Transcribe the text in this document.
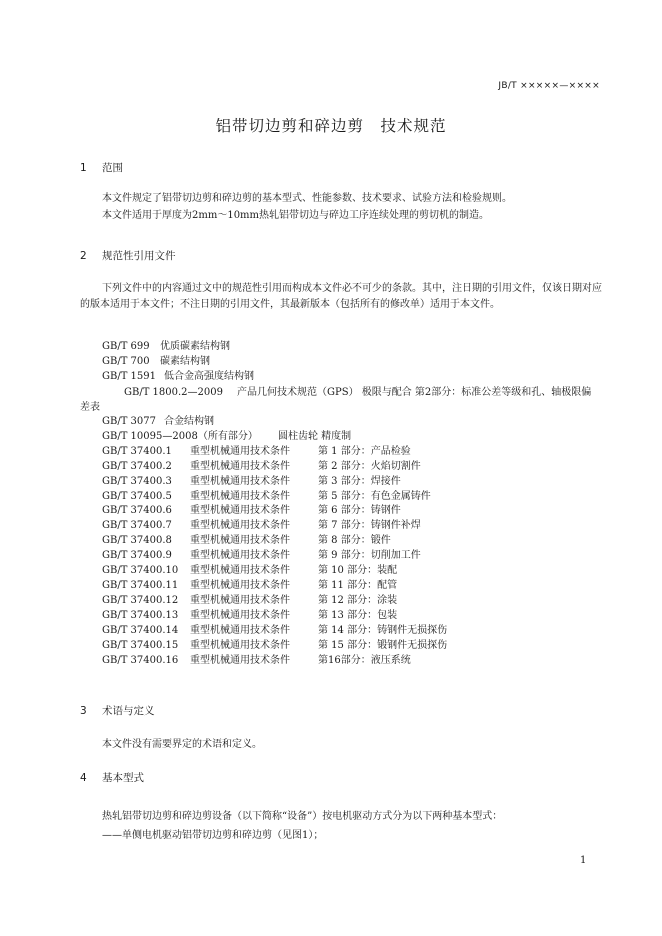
JB/T ×××××—××××
铝带切边剪和碎边剪　技术规范
1 范围
本文件规定了铝带切边剪和碎边剪的基本型式、性能参数、技术要求、试验方法和检验规则。
本文件适用于厚度为2mm～10mm热轧铝带切边与碎边工序连续处理的剪切机的制造。
2 规范性引用文件
下列文件中的内容通过文中的规范性引用而构成本文件必不可少的条款。其中，注日期的引用文件，仅该日期对应的版本适用于本文件；不注日期的引用文件，其最新版本（包括所有的修改单）适用于本文件。
GB/T 699 优质碳素结构钢
GB/T 700 碳素结构钢
GB/T 1591 低合金高强度结构钢
GB/T 1800.2—2009 产品几何技术规范（GPS） 极限与配合 第2部分：标准公差等级和孔、轴极限偏差表
GB/T 3077 合金结构钢
GB/T 10095—2008（所有部分） 圆柱齿轮 精度制
GB/T 37400.1 重型机械通用技术条件	第 1 部分：产品检验
GB/T 37400.2 重型机械通用技术条件	第 2 部分：火焰切割件
GB/T 37400.3 重型机械通用技术条件	第 3 部分：焊接件
GB/T 37400.5 重型机械通用技术条件	第 5 部分：有色金属铸件
GB/T 37400.6 重型机械通用技术条件	第 6 部分：铸钢件
GB/T 37400.7 重型机械通用技术条件	第 7 部分：铸钢件补焊
GB/T 37400.8 重型机械通用技术条件	第 8 部分：锻件
GB/T 37400.9 重型机械通用技术条件	第 9 部分：切削加工件
GB/T 37400.10 重型机械通用技术条件	第 10 部分：装配
GB/T 37400.11 重型机械通用技术条件	第 11 部分：配管
GB/T 37400.12 重型机械通用技术条件	第 12 部分：涂装
GB/T 37400.13 重型机械通用技术条件	第 13 部分：包装
GB/T 37400.14 重型机械通用技术条件	第 14 部分：铸钢件无损探伤
GB/T 37400.15 重型机械通用技术条件	第 15 部分：锻钢件无损探伤
GB/T 37400.16 重型机械通用技术条件	第16部分：液压系统
3 术语与定义
本文件没有需要界定的术语和定义。
4 基本型式
热轧铝带切边剪和碎边剪设备（以下简称“设备”）按电机驱动方式分为以下两种基本型式：
——单侧电机驱动铝带切边剪和碎边剪（见图1）；
1
